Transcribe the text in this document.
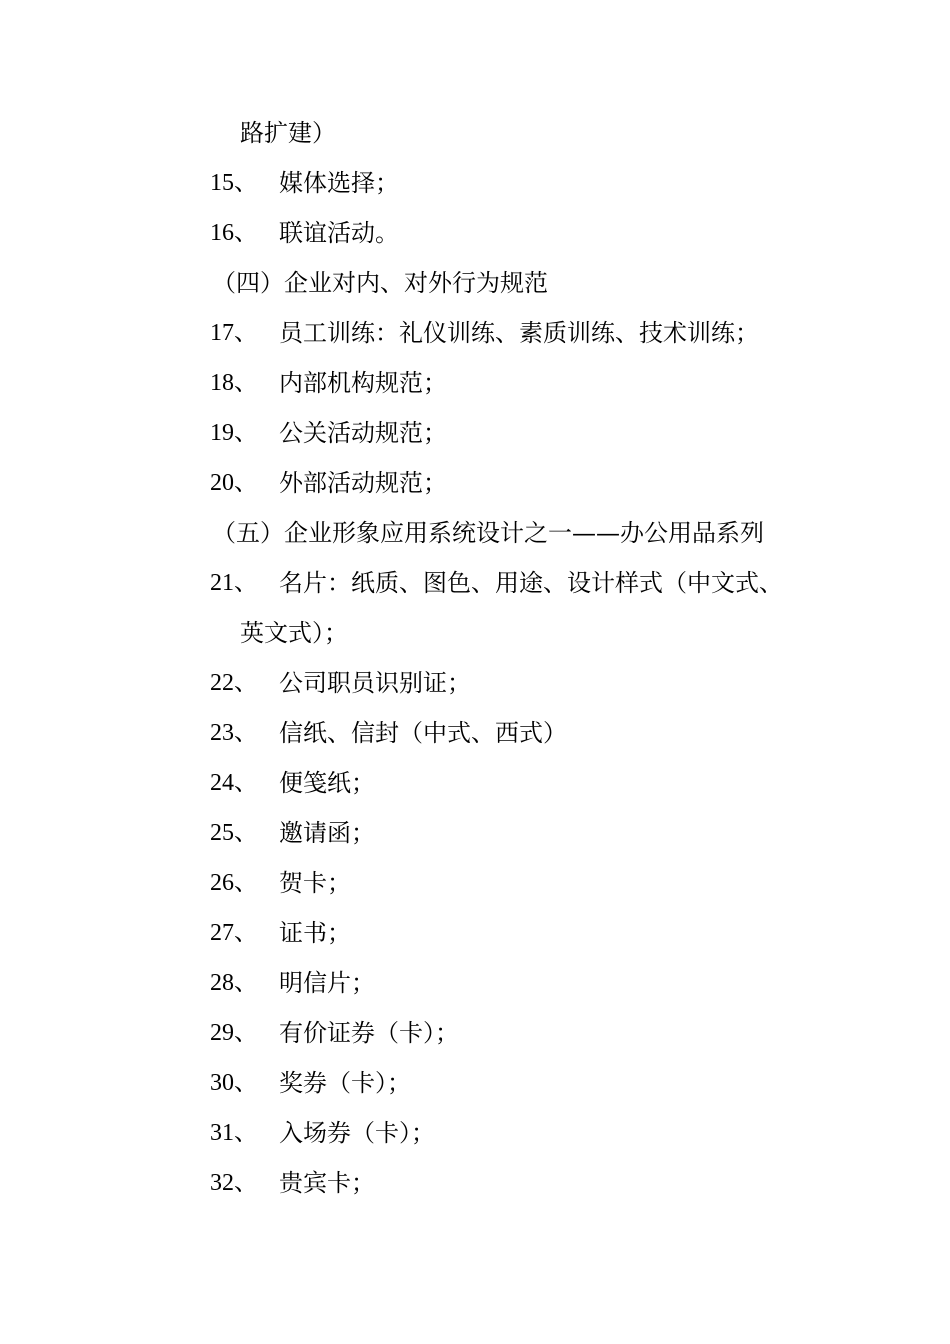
路扩建）
15、 媒体选择；
16、 联谊活动。
（四）企业对内、对外行为规范
17、 员工训练：礼仪训练、素质训练、技术训练；
18、 内部机构规范；
19、 公关活动规范；
20、 外部活动规范；
（五）企业形象应用系统设计之一——办公用品系列
21、 名片：纸质、图色、用途、设计样式（中文式、
英文式）；
22、 公司职员识别证；
23、 信纸、信封（中式、西式）
24、 便笺纸；
25、 邀请函；
26、 贺卡；
27、 证书；
28、 明信片；
29、 有价证券（卡）；
30、 奖券（卡）；
31、 入场券（卡）；
32、 贵宾卡；
